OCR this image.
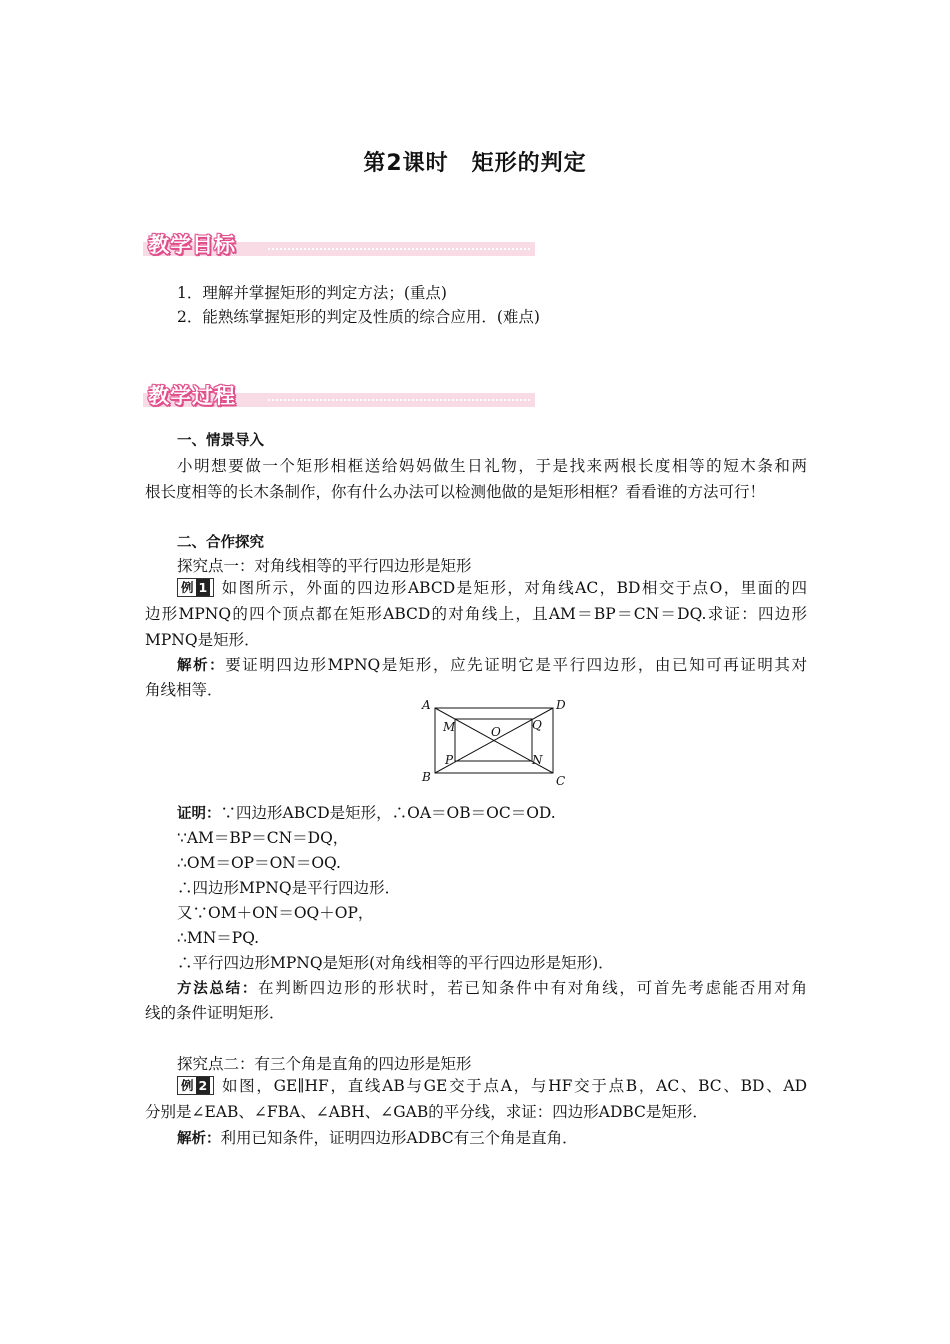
第2课时　矩形的判定
教学目标
1．理解并掌握矩形的判定方法；(重点)
2．能熟练掌握矩形的判定及性质的综合应用．(难点)
教学过程
一、情景导入
小明想要做一个矩形相框送给妈妈做生日礼物，于是找来两根长度相等的短木条和两
根长度相等的长木条制作，你有什么办法可以检测他做的是矩形相框？看看谁的方法可行！
二、合作探究
探究点一：对角线相等的平行四边形是矩形
例 1 如图所示，外面的四边形ABCD是矩形，对角线AC，BD相交于点O，里面的四
边形MPNQ的四个顶点都在矩形ABCD的对角线上，且AM＝BP＝CN＝DQ.求证：四边形
MPNQ是矩形．
解析：要证明四边形MPNQ是矩形，应先证明它是平行四边形，由已知可再证明其对
角线相等．
A	D
M	Q
O
P	N
B	C
证明：∵四边形ABCD是矩形，∴OA＝OB＝OC＝OD.
∵AM＝BP＝CN＝DQ，
∴OM＝OP＝ON＝OQ.
∴四边形MPNQ是平行四边形．
又∵OM＋ON＝OQ＋OP，
∴MN＝PQ.
∴平行四边形MPNQ是矩形(对角线相等的平行四边形是矩形)．
方法总结：在判断四边形的形状时，若已知条件中有对角线，可首先考虑能否用对角
线的条件证明矩形．
探究点二：有三个角是直角的四边形是矩形
例 2 如图，GE∥HF，直线AB与GE交于点A，与HF交于点B，AC、BC、BD、AD
分别是∠EAB、∠FBA、∠ABH、∠GAB的平分线，求证：四边形ADBC是矩形．
解析：利用已知条件，证明四边形ADBC有三个角是直角．
